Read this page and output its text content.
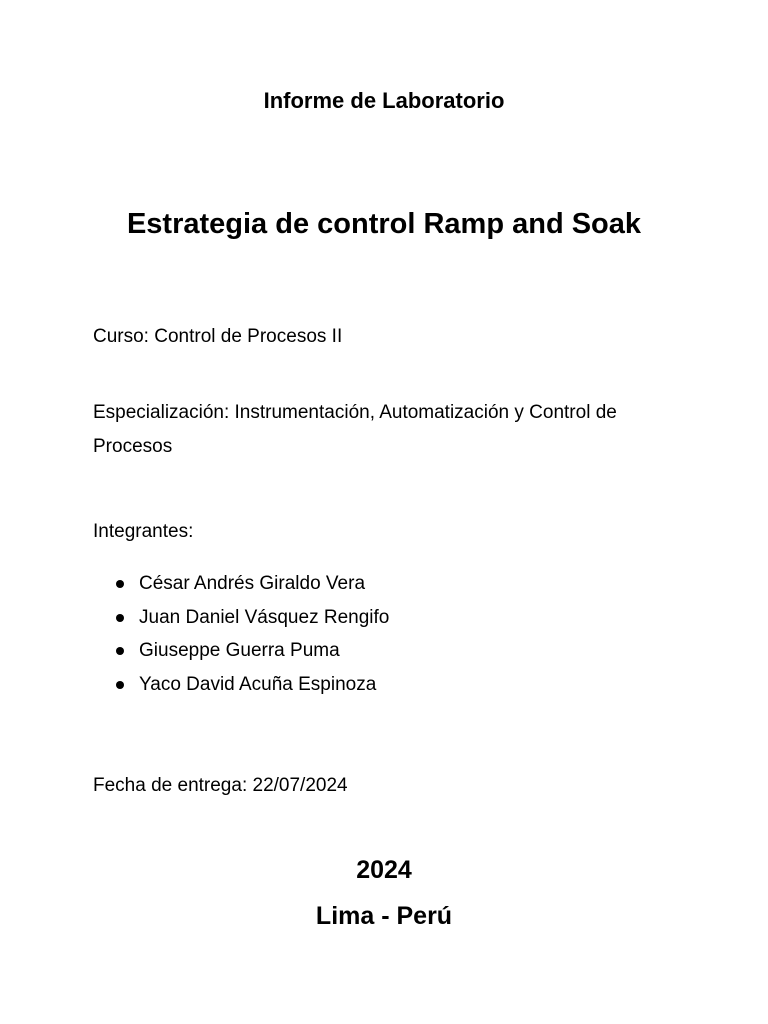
Informe de Laboratorio
Estrategia de control Ramp and Soak
Curso: Control de Procesos II
Especialización: Instrumentación, Automatización y Control de Procesos
Integrantes:
César Andrés Giraldo Vera
Juan Daniel Vásquez Rengifo
Giuseppe Guerra Puma
Yaco David Acuña Espinoza
Fecha de entrega: 22/07/2024
2024
Lima - Perú
